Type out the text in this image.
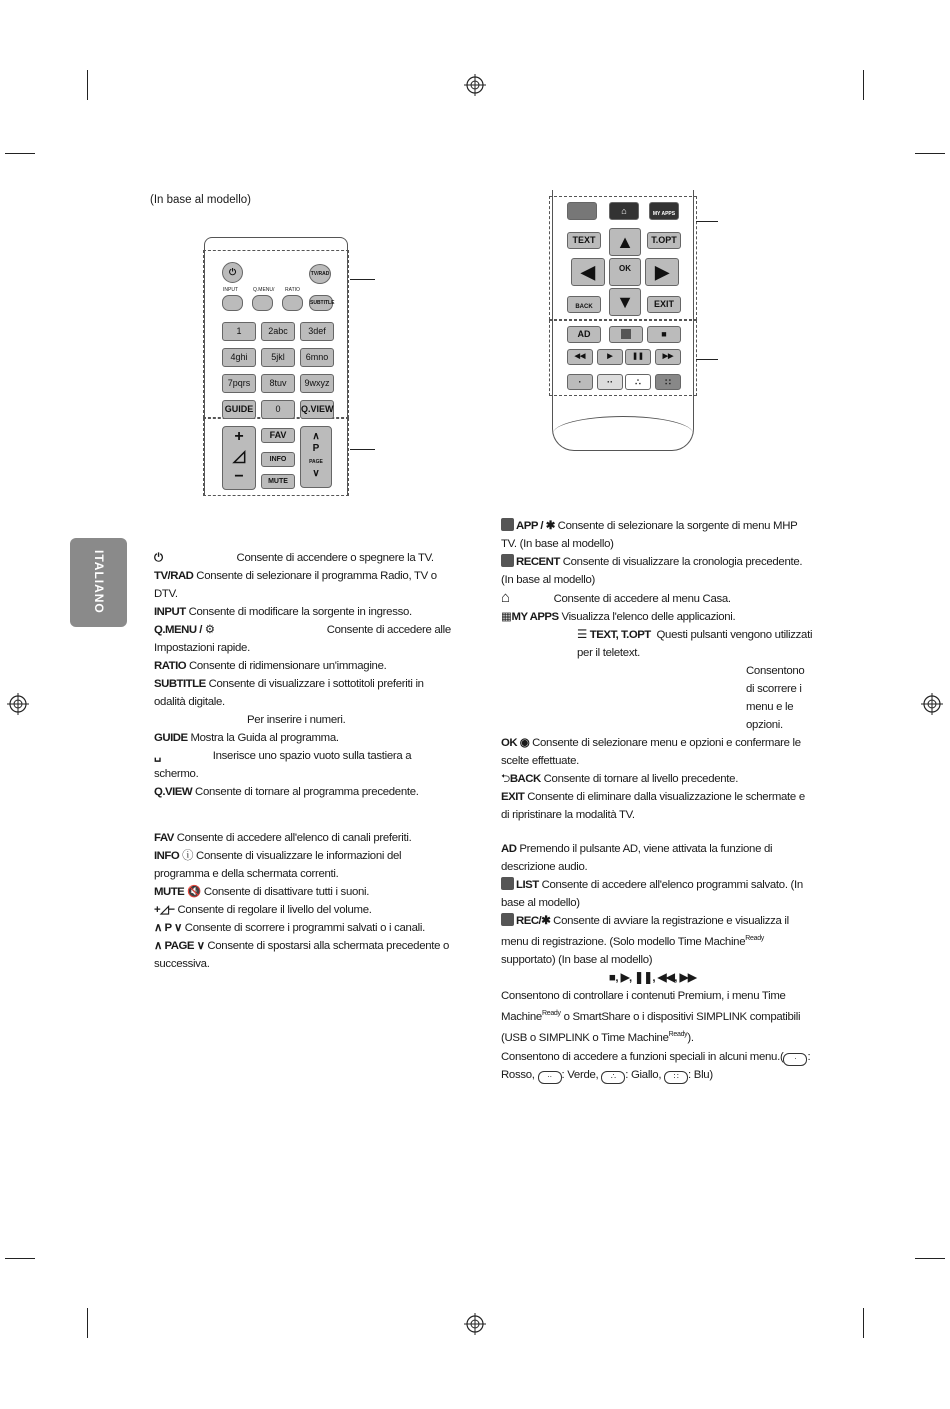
(In base al modello)
ITALIANO
⏻	TV/RAD
INPUT	Q.MENU/ RATIO
SUBTITLE
1	2abc	3def
4ghi	5jkl	6mno
7pqrs	8tuv	9wxyz
GUIDE	0	Q.VIEW
+
◿
−
FAV
INFO
MUTE
∧
P
PAGE
∨
⌂	MY APPS
TEXT	T.OPT
▲
◀	OK	▶
▼
BACK	EXIT
AD	■
◀◀	▶	❚❚	▶▶
·	··	∴	∷

⏻	Consente di accendere o spegnere la TV.

TV/RAD Consente di selezionare il programma Radio, TV o DTV.

INPUT Consente di modificare la sorgente in ingresso.

Q.MENU / ⚙	Consente di accedere alle Impostazioni rapide.

RATIO Consente di ridimensionare un'immagine.

SUBTITLE Consente di visualizzare i sottotitoli preferiti in odalità digitale.

Per inserire i numeri.

GUIDE Mostra la Guida al programma.

␣	Inserisce uno spazio vuoto sulla tastiera a schermo.

Q.VIEW Consente di tornare al programma precedente.

FAV Consente di accedere all'elenco di canali preferiti.

INFO ⓘ Consente di visualizzare le informazioni del programma e della schermata correnti.

MUTE 🔇 Consente di disattivare tutti i suoni.

+◿− Consente di regolare il livello del volume.

∧ P ∨ Consente di scorrere i programmi salvati o i canali.

∧ PAGE ∨ Consente di spostarsi alla schermata precedente o successiva.

APP / ✱ Consente di selezionare la sorgente di menu MHP TV. (In base al modello)

RECENT Consente di visualizzare la cronologia precedente. (In base al modello)

⌂	Consente di accedere al menu Casa.

▦MY APPS Visualizza l'elenco delle applicazioni.

☰ TEXT, T.OPT Questi pulsanti vengono utilizzati per il teletext.

Consentono di scorrere i menu e le opzioni.

OK ◉ Consente di selezionare menu e opzioni e confermare le scelte effettuate.

⮌BACK Consente di tornare al livello precedente.

EXIT Consente di eliminare dalla visualizzazione le schermate e di ripristinare la modalità TV.

AD Premendo il pulsante AD, viene attivata la funzione di descrizione audio.

LIST Consente di accedere all'elenco programmi salvato. (In base al modello)

REC/✱ Consente di avviare la registrazione e visualizza il menu di registrazione. (Solo modello Time Machine$^{Ready}$ supportato) (In base al modello)

■, ▶, ❚❚, ◀◀, ▶▶

Consentono di controllare i contenuti Premium, i menu Time Machine$^{Ready}$ o SmartShare o i dispositivi SIMPLINK compatibili (USB o SIMPLINK o Time Machine$^{Ready}$).

Consentono di accedere a funzioni speciali in alcuni menu.( · : Rosso, ·· : Verde, ∴ : Giallo, ∷ : Blu)
